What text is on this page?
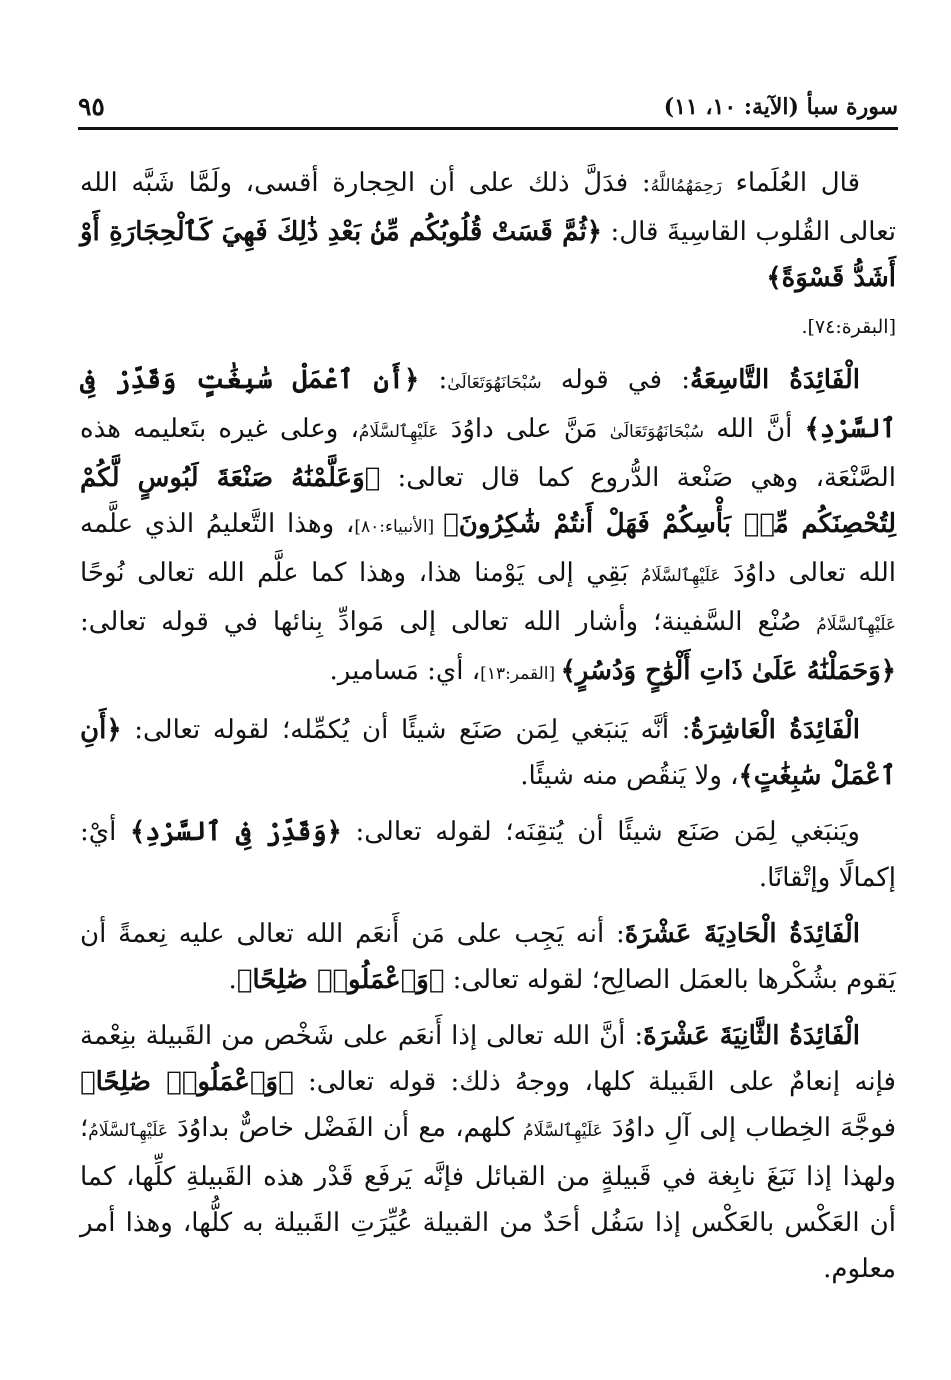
سورة سبأ (الآية: ١٠، ١١)
٩٥

قال العُلَماء رَحِمَهُمُاللَّهُ: فدَلَّ ذلك على أن الحِجارة أقسى، ولَمَّا شَبَّه الله تعالى القُلوب القاسِيةَ قال: ﴿ثُمَّ قَسَتْ قُلُوبُكُم مِّنۢ بَعْدِ ذَٰلِكَ فَهِيَ كَٱلْحِجَارَةِ أَوْ أَشَدُّ قَسْوَةً﴾

[البقرة:٧٤].

الْفَائِدَةُ التَّاسِعَةُ: في قوله سُبْحَانَهُوَتَعَالَىٰ: ﴿أَنِ ٱعْمَلْ سَٰبِغَٰتٍ وَقَدِّرْ فِى ٱلسَّرْدِ﴾ أنَّ الله سُبْحَانَهُوَتَعَالَىٰ مَنَّ على داوُدَ عَلَيْهِٱلسَّلَامُ، وعلى غيره بتَعليمه هذه الصَّنْعَة، وهي صَنْعة الدُّروع كما قال تعالى: ﴿وَعَلَّمْنَٰهُ صَنْعَةَ لَبُوسٍ لَّكُمْ لِتُحْصِنَكُم مِّنۢ بَأْسِكُمْ فَهَلْ أَنتُمْ شَٰكِرُونَ﴾ [الأنبياء:٨٠]، وهذا التَّعليمُ الذي علَّمه الله تعالى داوُدَ عَلَيْهِٱلسَّلَامُ بَقِي إلى يَوْمنا هذا، وهذا كما علَّم الله تعالى نُوحًا عَلَيْهِٱلسَّلَامُ صُنْع السَّفينة؛ وأشار الله تعالى إلى مَوادِّ بِنائها في قوله تعالى: ﴿وَحَمَلْنَٰهُ عَلَىٰ ذَاتِ أَلْوَٰحٍ وَدُسُرٍ﴾ [القمر:١٣]، أي: مَسامير.

الْفَائِدَةُ الْعَاشِرَةُ: أنَّه يَنبَغي لِمَن صَنَع شيئًا أن يُكمِّله؛ لقوله تعالى: ﴿أَنِ ٱعْمَلْ سَٰبِغَٰتٍ﴾، ولا يَنقُص منه شيئًا.

ويَنبَغي لِمَن صَنَع شيئًا أن يُتقِنَه؛ لقوله تعالى: ﴿وَقَدِّرْ فِى ٱلسَّرْدِ﴾ أيْ: إكمالًا وإتْقانًا.

الْفَائِدَةُ الْحَادِيَةَ عَشْرَةَ: أنه يَجِب على مَن أَنعَم الله تعالى عليه نِعمةً أن يَقوم بشُكْرها بالعمَل الصالِح؛ لقوله تعالى: ﴿وَٱعْمَلُوا۟ صَٰلِحًا﴾.

الْفَائِدَةُ الثَّانِيَةَ عَشْرَةَ: أنَّ الله تعالى إذا أَنعَم على شَخْص من القَبيلة بنِعْمة فإنه إنعامٌ على القَبيلة كلها، ووجهُ ذلك: قوله تعالى: ﴿وَٱعْمَلُوا۟ صَٰلِحًا﴾ فوجَّهَ الخِطاب إلى آلِ داوُدَ عَلَيْهِٱلسَّلَامُ كلهم، مع أن الفَضْل خاصٌّ بداوُدَ عَلَيْهِٱلسَّلَامُ؛ ولهذا إذا نَبَغَ نابِغة في قَبيلةٍ من القبائل فإنَّه يَرفَع قَدْر هذه القَبيلةِ كلِّها، كما أن العَكْس بالعَكْس إذا سَفُل أحَدٌ من القبيلة عُيِّرَتِ القَبيلة به كلُّها، وهذا أمر معلوم.
